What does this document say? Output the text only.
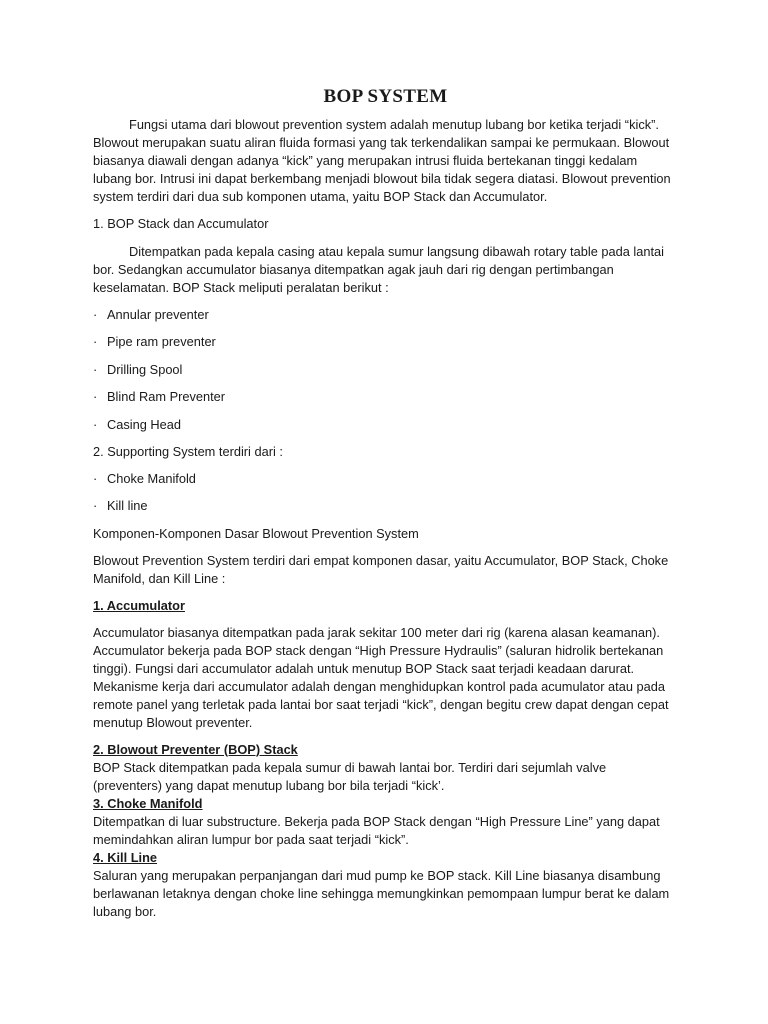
BOP SYSTEM

Fungsi utama dari blowout prevention system adalah menutup lubang bor ketika terjadi “kick”. Blowout merupakan suatu aliran fluida formasi yang tak terkendalikan sampai ke permukaan. Blowout biasanya diawali dengan adanya “kick” yang merupakan intrusi fluida bertekanan tinggi kedalam lubang bor. Intrusi ini dapat berkembang menjadi blowout bila tidak segera diatasi. Blowout prevention system terdiri dari dua sub komponen utama, yaitu BOP Stack dan Accumulator.

1. BOP Stack dan Accumulator

Ditempatkan pada kepala casing atau kepala sumur langsung dibawah rotary table pada lantai bor. Sedangkan accumulator biasanya ditempatkan agak jauh dari rig dengan pertimbangan keselamatan. BOP Stack meliputi peralatan berikut :

· Annular preventer
· Pipe ram preventer
· Drilling Spool
· Blind Ram Preventer
· Casing Head

2. Supporting System terdiri dari :

· Choke Manifold
· Kill line

Komponen-Komponen Dasar Blowout Prevention System

Blowout Prevention System terdiri dari empat komponen dasar, yaitu Accumulator, BOP Stack, Choke Manifold, dan Kill Line :

1. Accumulator

Accumulator biasanya ditempatkan pada jarak sekitar 100 meter dari rig (karena alasan keamanan). Accumulator bekerja pada BOP stack dengan “High Pressure Hydraulis” (saluran hidrolik bertekanan tinggi). Fungsi dari accumulator adalah untuk menutup BOP Stack saat terjadi keadaan darurat. Mekanisme kerja dari accumulator adalah dengan menghidupkan kontrol pada acumulator atau pada remote panel yang terletak pada lantai bor saat terjadi “kick”, dengan begitu crew dapat dengan cepat menutup Blowout preventer.

2. Blowout Preventer (BOP) Stack

BOP Stack ditempatkan pada kepala sumur di bawah lantai bor. Terdiri dari sejumlah valve (preventers) yang dapat menutup lubang bor bila terjadi “kick’.

3. Choke Manifold

Ditempatkan di luar substructure. Bekerja pada BOP Stack dengan “High Pressure Line” yang dapat memindahkan aliran lumpur bor pada saat terjadi “kick”.

4. Kill Line

Saluran yang merupakan perpanjangan dari mud pump ke BOP stack. Kill Line biasanya disambung berlawanan letaknya dengan choke line sehingga memungkinkan pemompaan lumpur berat ke dalam lubang bor.
